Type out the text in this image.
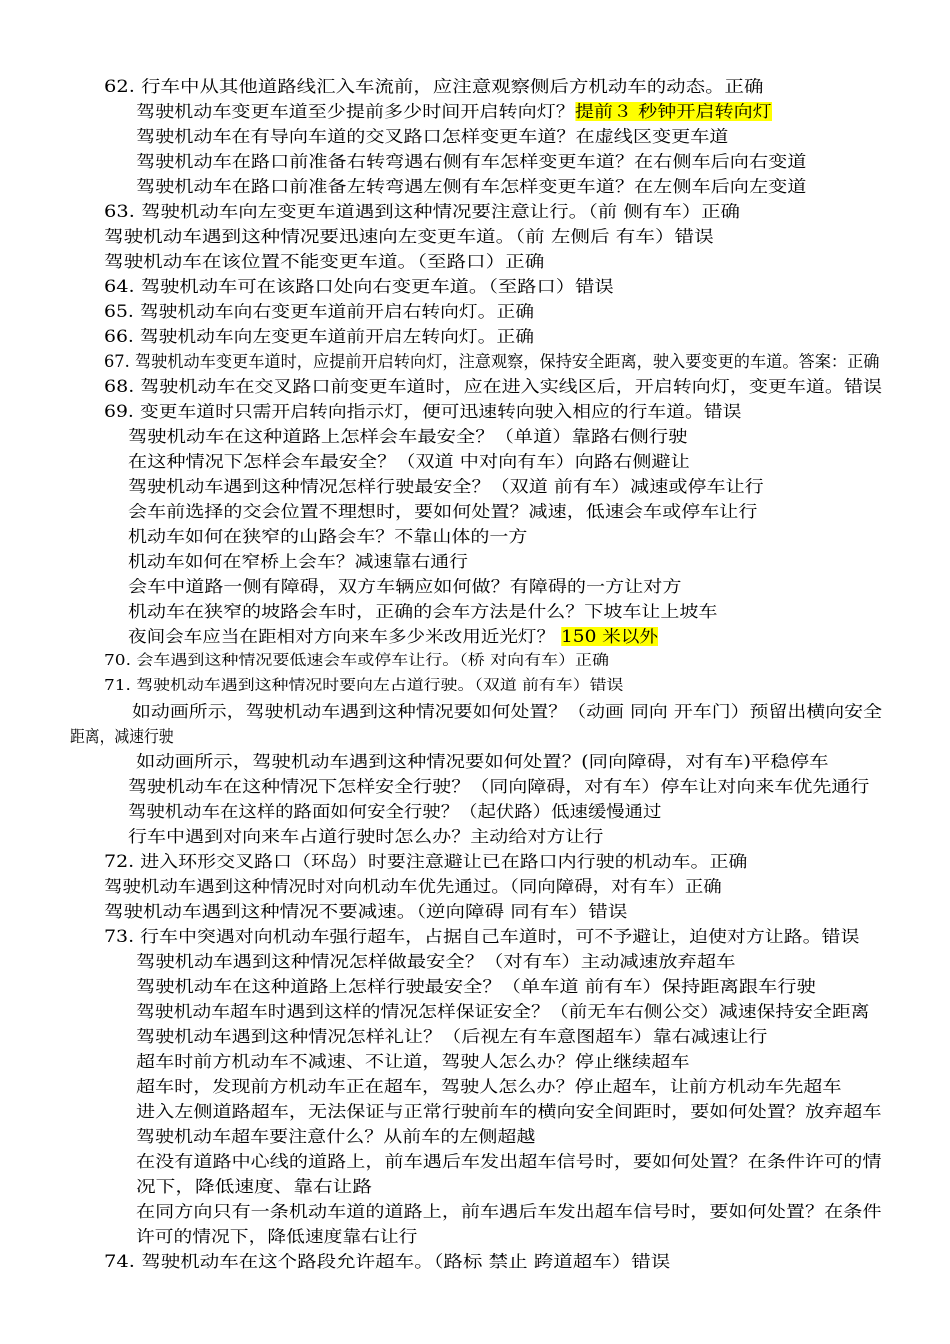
62. 行车中从其他道路线汇入车流前，应注意观察侧后方机动车的动态。正确
驾驶机动车变更车道至少提前多少时间开启转向灯？提前３ 秒钟开启转向灯
驾驶机动车在有导向车道的交叉路口怎样变更车道？在虚线区变更车道
驾驶机动车在路口前准备右转弯遇右侧有车怎样变更车道？在右侧车后向右变道
驾驶机动车在路口前准备左转弯遇左侧有车怎样变更车道？在左侧车后向左变道
63. 驾驶机动车向左变更车道遇到这种情况要注意让行。（前 侧有车）正确
驾驶机动车遇到这种情况要迅速向左变更车道。（前 左侧后 有车）错误
驾驶机动车在该位置不能变更车道。（至路口）正确
64. 驾驶机动车可在该路口处向右变更车道。（至路口）错误
65. 驾驶机动车向右变更车道前开启右转向灯。正确
66. 驾驶机动车向左变更车道前开启左转向灯。正确
67. 驾驶机动车变更车道时，应提前开启转向灯，注意观察，保持安全距离，驶入要变更的车道。答案：正确
68. 驾驶机动车在交叉路口前变更车道时，应在进入实线区后，开启转向灯，变更车道。错误
69. 变更车道时只需开启转向指示灯，便可迅速转向驶入相应的行车道。错误
驾驶机动车在这种道路上怎样会车最安全？（单道）靠路右侧行驶
在这种情况下怎样会车最安全？（双道 中对向有车）向路右侧避让
驾驶机动车遇到这种情况怎样行驶最安全？（双道 前有车）减速或停车让行
会车前选择的交会位置不理想时，要如何处置？减速，低速会车或停车让行
机动车如何在狭窄的山路会车？不靠山体的一方
机动车如何在窄桥上会车？减速靠右通行
会车中道路一侧有障碍，双方车辆应如何做？有障碍的一方让对方
机动车在狭窄的坡路会车时，正确的会车方法是什么？下坡车让上坡车
夜间会车应当在距相对方向来车多少米改用近光灯？ 150 米以外
70. 会车遇到这种情况要低速会车或停车让行。（桥 对向有车）正确
71. 驾驶机动车遇到这种情况时要向左占道行驶。（双道 前有车）错误
如动画所示，驾驶机动车遇到这种情况要如何处置？（动画 同向 开车门）预留出横向安全
距离，减速行驶
如动画所示，驾驶机动车遇到这种情况要如何处置？(同向障碍，对有车)平稳停车
驾驶机动车在这种情况下怎样安全行驶？（同向障碍，对有车）停车让对向来车优先通行
驾驶机动车在这样的路面如何安全行驶？（起伏路）低速缓慢通过
行车中遇到对向来车占道行驶时怎么办？主动给对方让行
72. 进入环形交叉路口（环岛）时要注意避让已在路口内行驶的机动车。正确
驾驶机动车遇到这种情况时对向机动车优先通过。（同向障碍，对有车）正确
驾驶机动车遇到这种情况不要减速。（逆向障碍 同有车）错误
73. 行车中突遇对向机动车强行超车，占据自己车道时，可不予避让，迫使对方让路。错误
驾驶机动车遇到这种情况怎样做最安全？（对有车）主动减速放弃超车
驾驶机动车在这种道路上怎样行驶最安全？（单车道 前有车）保持距离跟车行驶
驾驶机动车超车时遇到这样的情况怎样保证安全？（前无车右侧公交）减速保持安全距离
驾驶机动车遇到这种情况怎样礼让？（后视左有车意图超车）靠右减速让行
超车时前方机动车不减速、不让道，驾驶人怎么办？停止继续超车
超车时，发现前方机动车正在超车，驾驶人怎么办？停止超车，让前方机动车先超车
进入左侧道路超车，无法保证与正常行驶前车的横向安全间距时，要如何处置？放弃超车
驾驶机动车超车要注意什么？从前车的左侧超越
在没有道路中心线的道路上，前车遇后车发出超车信号时，要如何处置？在条件许可的情
况下，降低速度、靠右让路
在同方向只有一条机动车道的道路上，前车遇后车发出超车信号时，要如何处置？在条件
许可的情况下，降低速度靠右让行
74. 驾驶机动车在这个路段允许超车。（路标 禁止 跨道超车）错误
